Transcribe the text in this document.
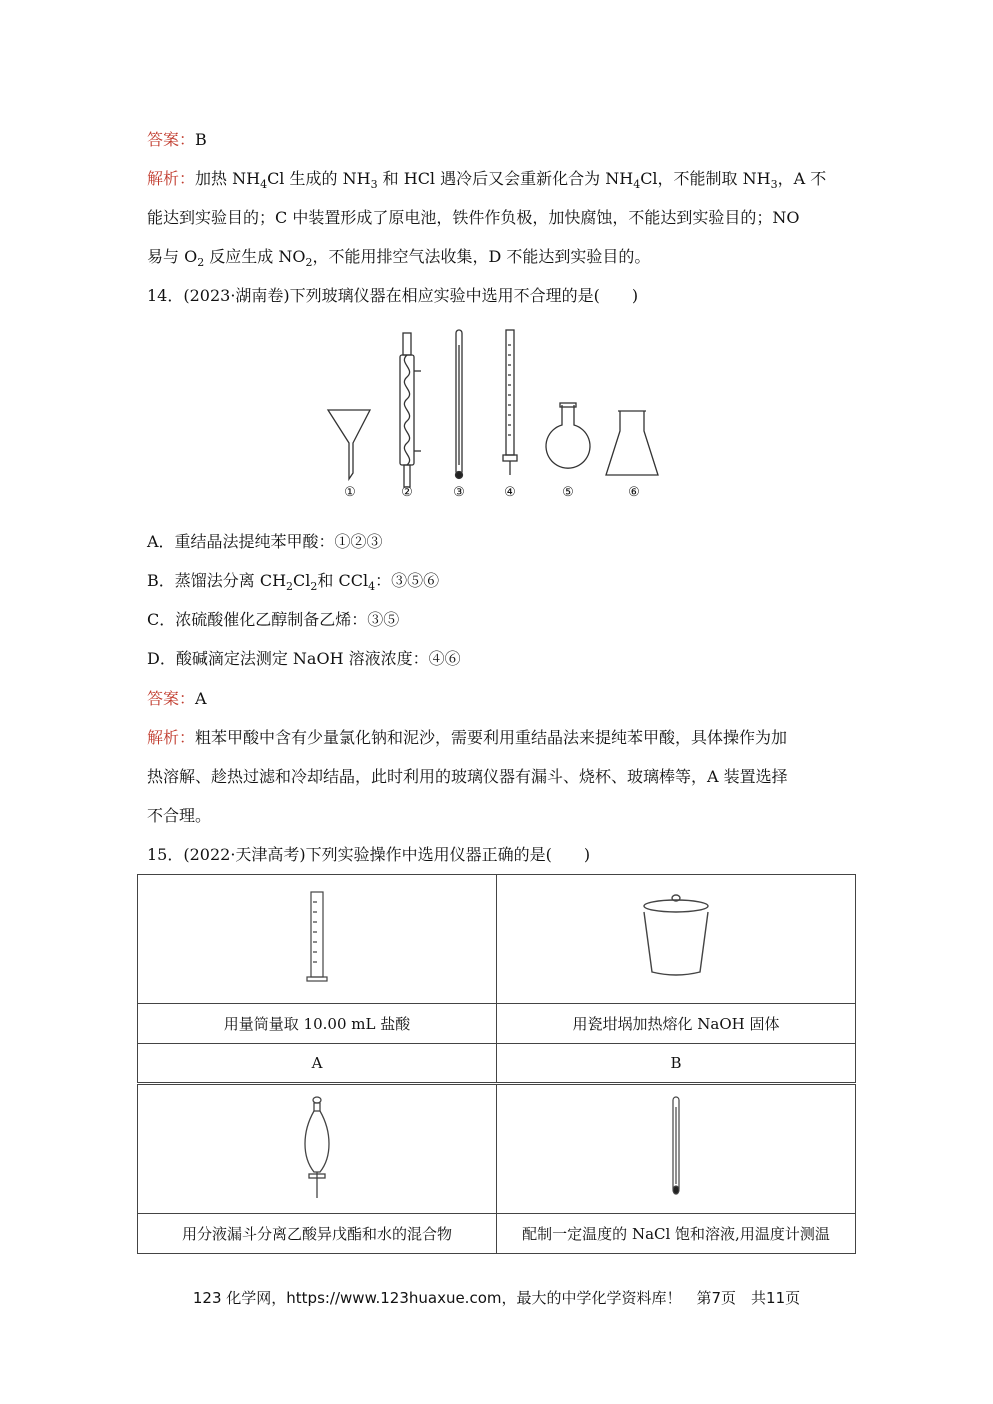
答案：B
解析：加热 $NH_4Cl$ 生成的 $NH_3$ 和 HCl 遇冷后又会重新化合为 $NH_4Cl$，不能制取 $NH_3$，A 不
能达到实验目的；C 中装置形成了原电池，铁件作负极，加快腐蚀，不能达到实验目的；NO
易与 $O_2$ 反应生成 $NO_2$，不能用排空气法收集，D 不能达到实验目的。
14．(2023·湖南卷)下列玻璃仪器在相应实验中选用不合理的是(　　)
①	②	③	④	⑤	⑥
A．重结晶法提纯苯甲酸：①②③
B．蒸馏法分离 $CH_2Cl_2$和 CCl$_4$：③⑤⑥
C．浓硫酸催化乙醇制备乙烯：③⑤
D．酸碱滴定法测定 NaOH 溶液浓度：④⑥
答案：A
解析：粗苯甲酸中含有少量氯化钠和泥沙，需要利用重结晶法来提纯苯甲酸，具体操作为加
热溶解、趁热过滤和冷却结晶，此时利用的玻璃仪器有漏斗、烧杯、玻璃棒等，A 装置选择
不合理。
15．(2022·天津高考)下列实验操作中选用仪器正确的是(　　)

用量筒量取 10.00 mL 盐酸	用瓷坩埚加热熔化 NaOH 固体
A	B

用分液漏斗分离乙酸异戊酯和水的混合物	配制一定温度的 NaCl 饱和溶液,用温度计测温
123 化学网，https://www.123huaxue.com，最大的中学化学资料库！　第7页　共11页
